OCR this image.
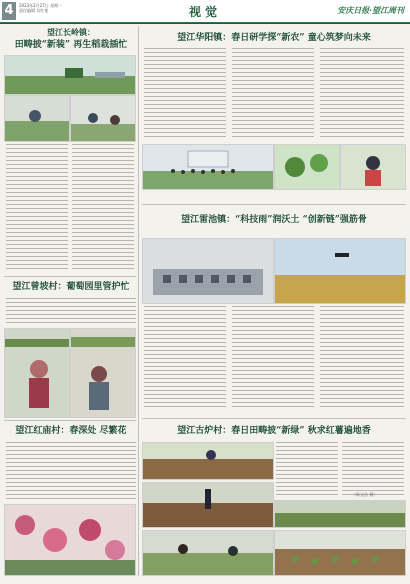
4	2023年2月27日 星期一
责任编辑 吴红斐	视觉	安庆日报·望江周刊
望江长岭镇：
田畴披“新装” 再生稻栽插忙
望江曾坡村：葡萄园里管护忙
望江红庙村：春深处 尽繁花
望江华阳镇：春日研学探“新农” 童心筑梦向未来
望江雷池镇：“科技雨”润沃土 “创新链”强筋骨
望江古炉村：春日田畴披“新绿” 秋求红薯遍地香
（陈文洁 摄）
